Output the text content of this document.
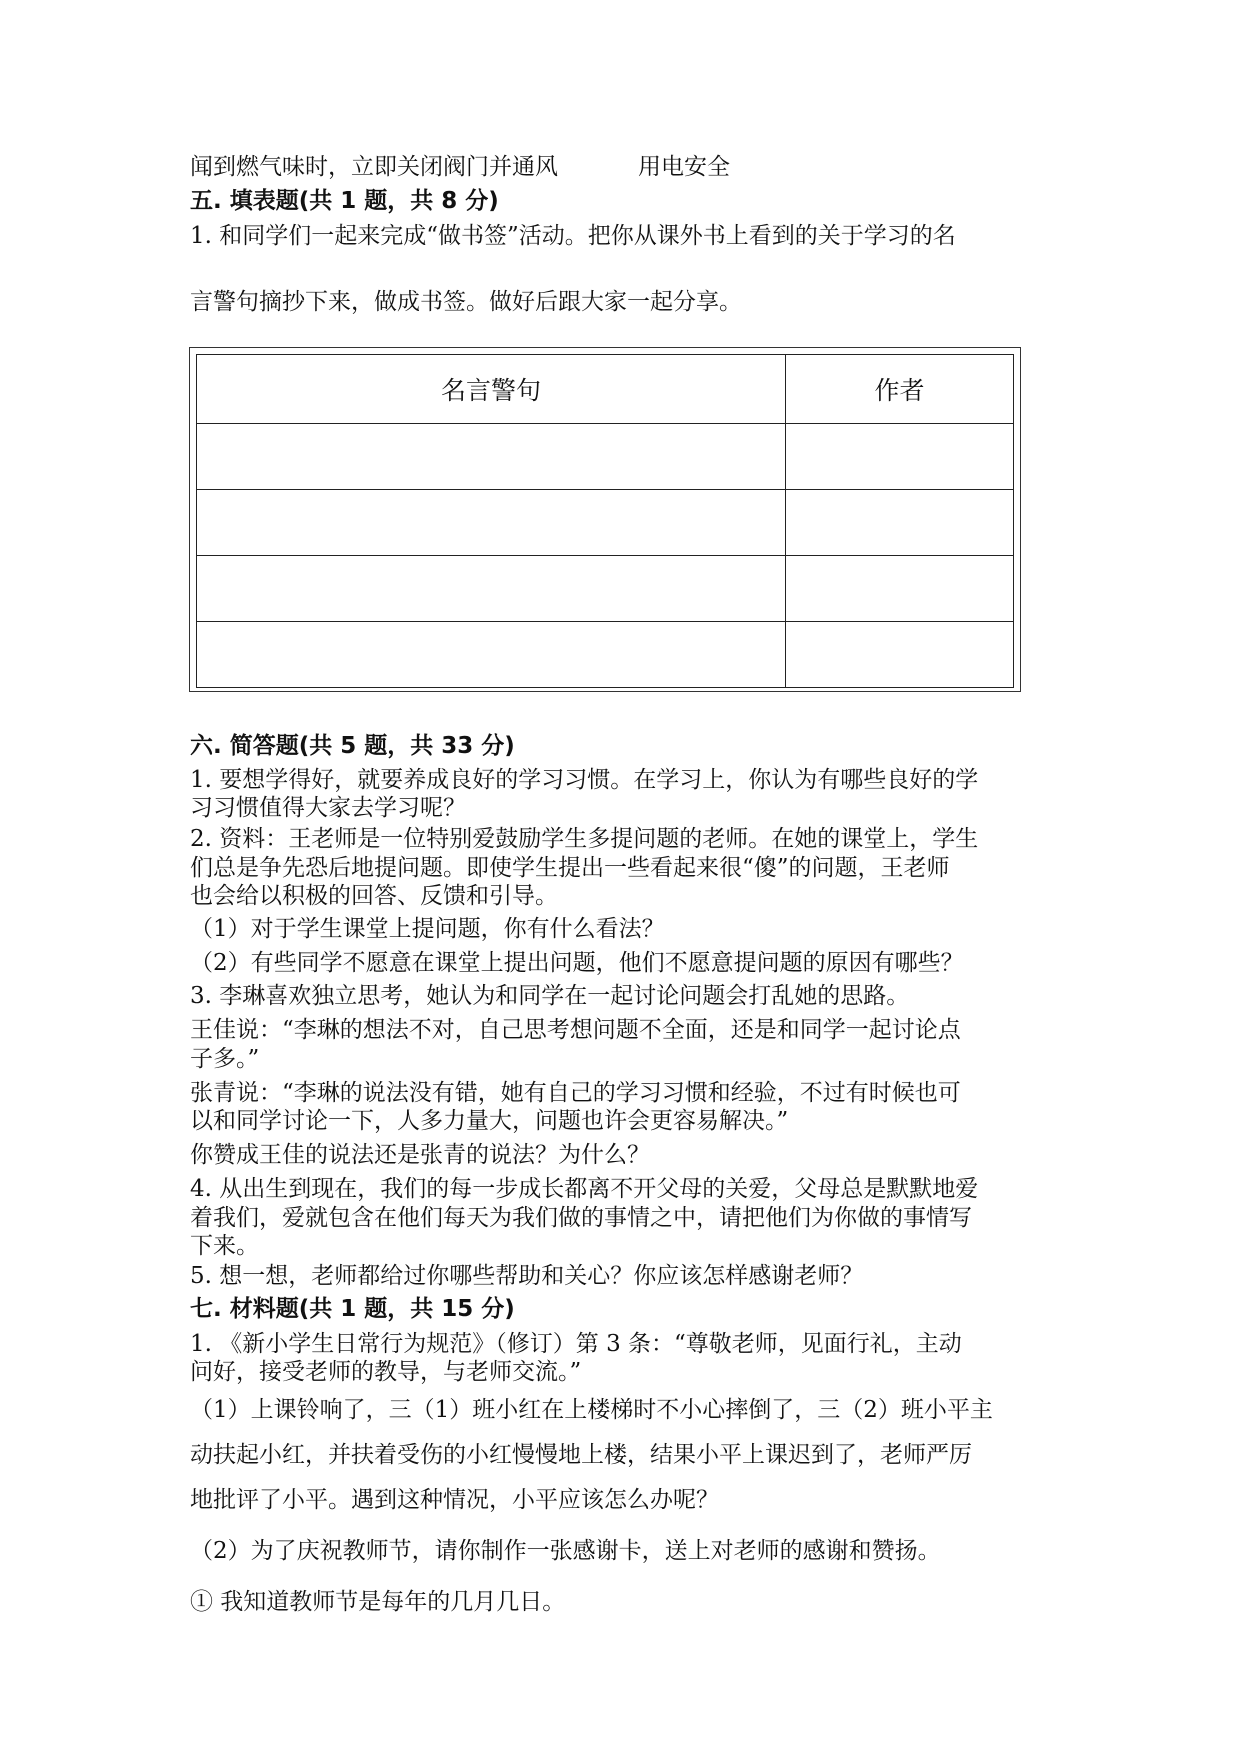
闻到燃气味时，立即关闭阀门并通风	用电安全
五. 填表题(共 1 题，共 8 分)
1. 和同学们一起来完成“做书签”活动。把你从课外书上看到的关于学习的名
言警句摘抄下来，做成书签。做好后跟大家一起分享。
名言警句	作者

六. 简答题(共 5 题，共 33 分)
1. 要想学得好，就要养成良好的学习习惯。在学习上，你认为有哪些良好的学
习习惯值得大家去学习呢？
2. 资料：王老师是一位特别爱鼓励学生多提问题的老师。在她的课堂上，学生
们总是争先恐后地提问题。即使学生提出一些看起来很“傻”的问题，王老师
也会给以积极的回答、反馈和引导。
（1）对于学生课堂上提问题，你有什么看法？
（2）有些同学不愿意在课堂上提出问题，他们不愿意提问题的原因有哪些？
3. 李琳喜欢独立思考，她认为和同学在一起讨论问题会打乱她的思路。
王佳说：“李琳的想法不对，自己思考想问题不全面，还是和同学一起讨论点
子多。”
张青说：“李琳的说法没有错，她有自己的学习习惯和经验，不过有时候也可
以和同学讨论一下，人多力量大，问题也许会更容易解决。”
你赞成王佳的说法还是张青的说法？为什么？
4. 从出生到现在，我们的每一步成长都离不开父母的关爱，父母总是默默地爱
着我们，爱就包含在他们每天为我们做的事情之中，请把他们为你做的事情写
下来。
5. 想一想，老师都给过你哪些帮助和关心？你应该怎样感谢老师？
七. 材料题(共 1 题，共 15 分)
1. 《新小学生日常行为规范》（修订）第 3 条：“尊敬老师，见面行礼，主动
问好，接受老师的教导，与老师交流。”
（1）上课铃响了，三（1）班小红在上楼梯时不小心摔倒了，三（2）班小平主
动扶起小红，并扶着受伤的小红慢慢地上楼，结果小平上课迟到了，老师严厉
地批评了小平。遇到这种情况，小平应该怎么办呢？
（2）为了庆祝教师节，请你制作一张感谢卡，送上对老师的感谢和赞扬。
① 我知道教师节是每年的几月几日。
